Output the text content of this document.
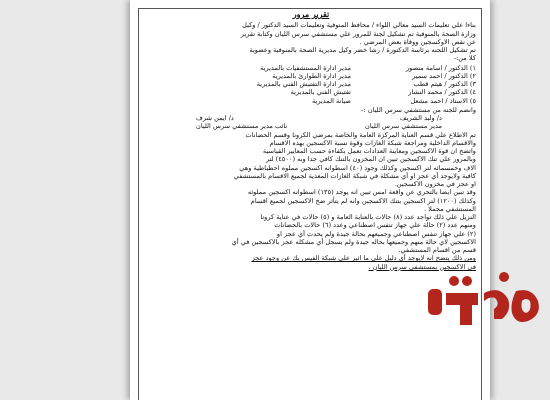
تقرير مرور

بناءا علي تعليمات السيد معالي اللواء / محافظ المنوفية وتعليمات السيد الدكتور / وكيل

وزارة الصحة بالمنوفية تم تشكيل لجنة للمرور علي مستشفي سرس الليان وكتابة تقرير

عن نقص الاوكسجين ووفاة بعض المرضي .

تم تشكيل اللجنه برئاسة الدكتورة / رشا خضر وكيل مديرية الصحة بالمنوفية وعضوية

كلا من:-

١) الدكتور / اسامة منصور
مدير ادارة المستشفيات بالمديرية
٢) الدكتور / احمد سمير
مدير ادارة الطوارئ بالمديرية
٣) الدكتور / هيثم قطب
مدير ادارة التفتيش الفني بالمديرية
٤) الدكتور / محمد النشار
تفتيش الفني بالمديرية
٥) الاستاذ / احمد مشعل
صيانة المديرية

وانضم للجنه من مستشفي سرس الليان :-

د/ وليد الشريف
د/ ايمن شرف
مدير مستشفي سرس الليان
نائب مدير مستشفي سرس الليان

تم الاطلاع علي قسم العناية المركزة العامة والخاصة بمرضي الكرونا وقسم الحضانات

والاقسام الداخلية ومراجعة شبكة الغازات وقوة نسبة الاكسجين بهذه الاقسام

واتضح ان قوة الاكسجين ومعاينة العدادات تعمل بكفاءة حسب المعايير القياسية

وبالمرور علي تنك الاكسجين تبين ان المخزون بالتنك كافي جدا وبه (٤٥٠٠) لتر

الاف وخمسمائه لتر اكسجين وكذلك وجود (٤٠) اسطوانه اكسجين مملوه احطياطية وهي

كافية ولايوجد أي عجز او أي مشكلة في شبكة الغازات المغذية لجميع الاقسام بالمستشفي

او عجز في مخزون الاكسجين.

وقد تبين ايضا بالتحري عن واقعة امس تبين انه يوجد (١٣٥) اسطوانه اكسجين مملوئه

وكذلك (١٢٠٠) لتر اكسجين بتنك الاكسجين وانه لم يتأثر ضخ الاكسجين لجميع اقسام

المستشفي مجملا .

النزيل علي ذلك تواجد عدد (٨) حالات بالعناية العامة و (٥) حالات في عناية كرونا

ومنهم عدد (٢) حالة علي جهاز تنفس اصطناعي وعدد (٦) حالات بالحضانات

(٢) علي جهاز تنفس اصطناعي وجميعهم بحالة جيدة ولم يحدث أي عجز او

الاكسجين لاي حالة منهم وجميعها بحاله جيدة ولم يسجل أي مشكله عجز بالاكسجين في أي

قسم من اقسام المستشفي.

ومن ذلك يتضح انه لايوجد أي دليل علي ما اثير علي شبكة الفيس بك عن وجود عجز

في الاكسجين بمستشفي سرس الليان .
